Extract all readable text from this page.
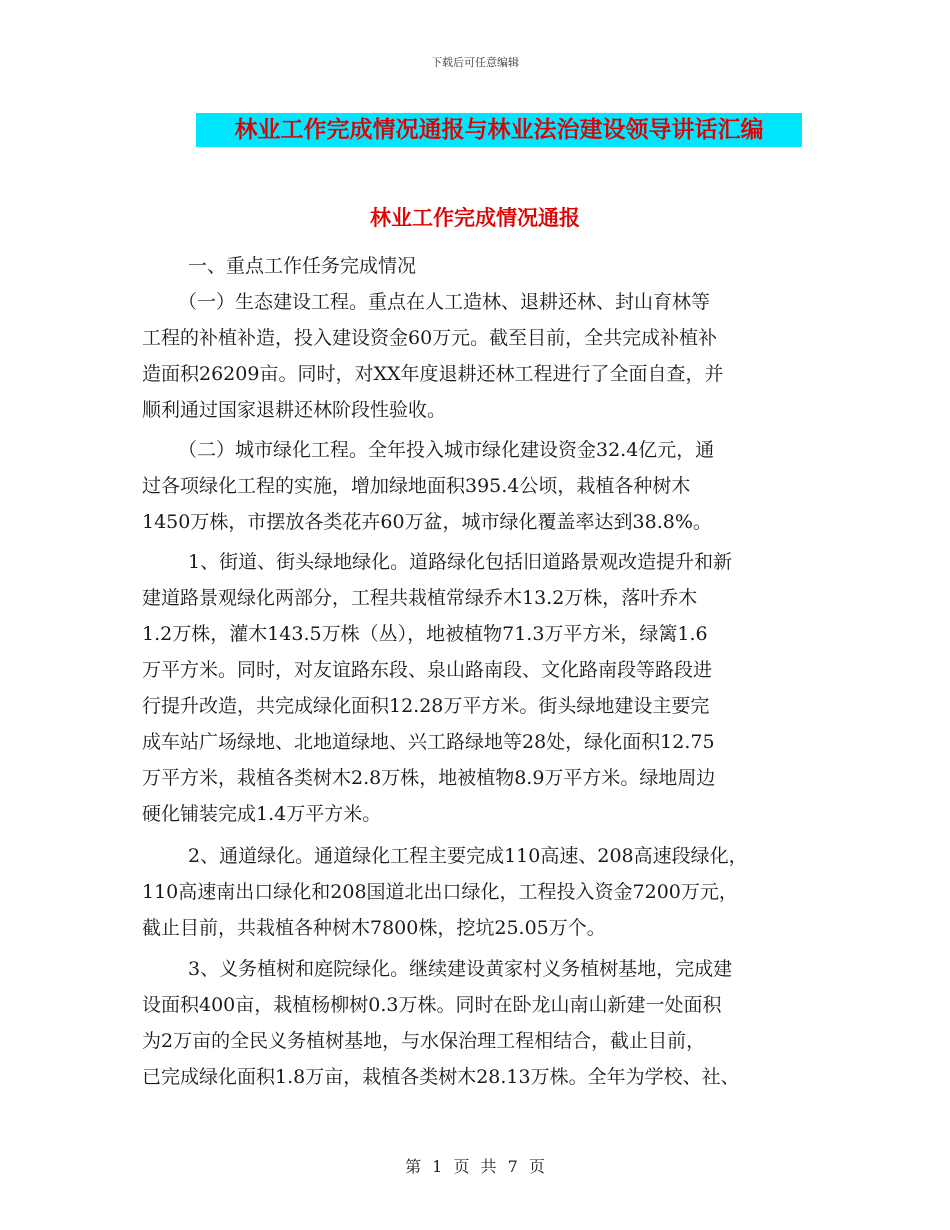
下载后可任意编辑
林业工作完成情况通报与林业法治建设领导讲话汇编
林业工作完成情况通报
一、重点工作任务完成情况
（一）生态建设工程。重点在人工造林、退耕还林、封山育林等
工程的补植补造，投入建设资金60万元。截至目前，全共完成补植补
造面积26209亩。同时，对XX年度退耕还林工程进行了全面自查，并
顺利通过国家退耕还林阶段性验收。
（二）城市绿化工程。全年投入城市绿化建设资金32.4亿元，通
过各项绿化工程的实施，增加绿地面积395.4公顷，栽植各种树木
1450万株，市摆放各类花卉60万盆，城市绿化覆盖率达到38.8%。
1、街道、街头绿地绿化。道路绿化包括旧道路景观改造提升和新
建道路景观绿化两部分，工程共栽植常绿乔木13.2万株，落叶乔木
1.2万株，灌木143.5万株（丛），地被植物71.3万平方米，绿篱1.6
万平方米。同时，对友谊路东段、泉山路南段、文化路南段等路段进
行提升改造，共完成绿化面积12.28万平方米。街头绿地建设主要完
成车站广场绿地、北地道绿地、兴工路绿地等28处，绿化面积12.75
万平方米，栽植各类树木2.8万株，地被植物8.9万平方米。绿地周边
硬化铺装完成1.4万平方米。
2、通道绿化。通道绿化工程主要完成110高速、208高速段绿化，
110高速南出口绿化和208国道北出口绿化，工程投入资金7200万元，
截止目前，共栽植各种树木7800株，挖坑25.05万个。
3、义务植树和庭院绿化。继续建设黄家村义务植树基地，完成建
设面积400亩，栽植杨柳树0.3万株。同时在卧龙山南山新建一处面积
为2万亩的全民义务植树基地，与水保治理工程相结合，截止目前，
已完成绿化面积1.8万亩，栽植各类树木28.13万株。全年为学校、社、
第 1 页 共 7 页
